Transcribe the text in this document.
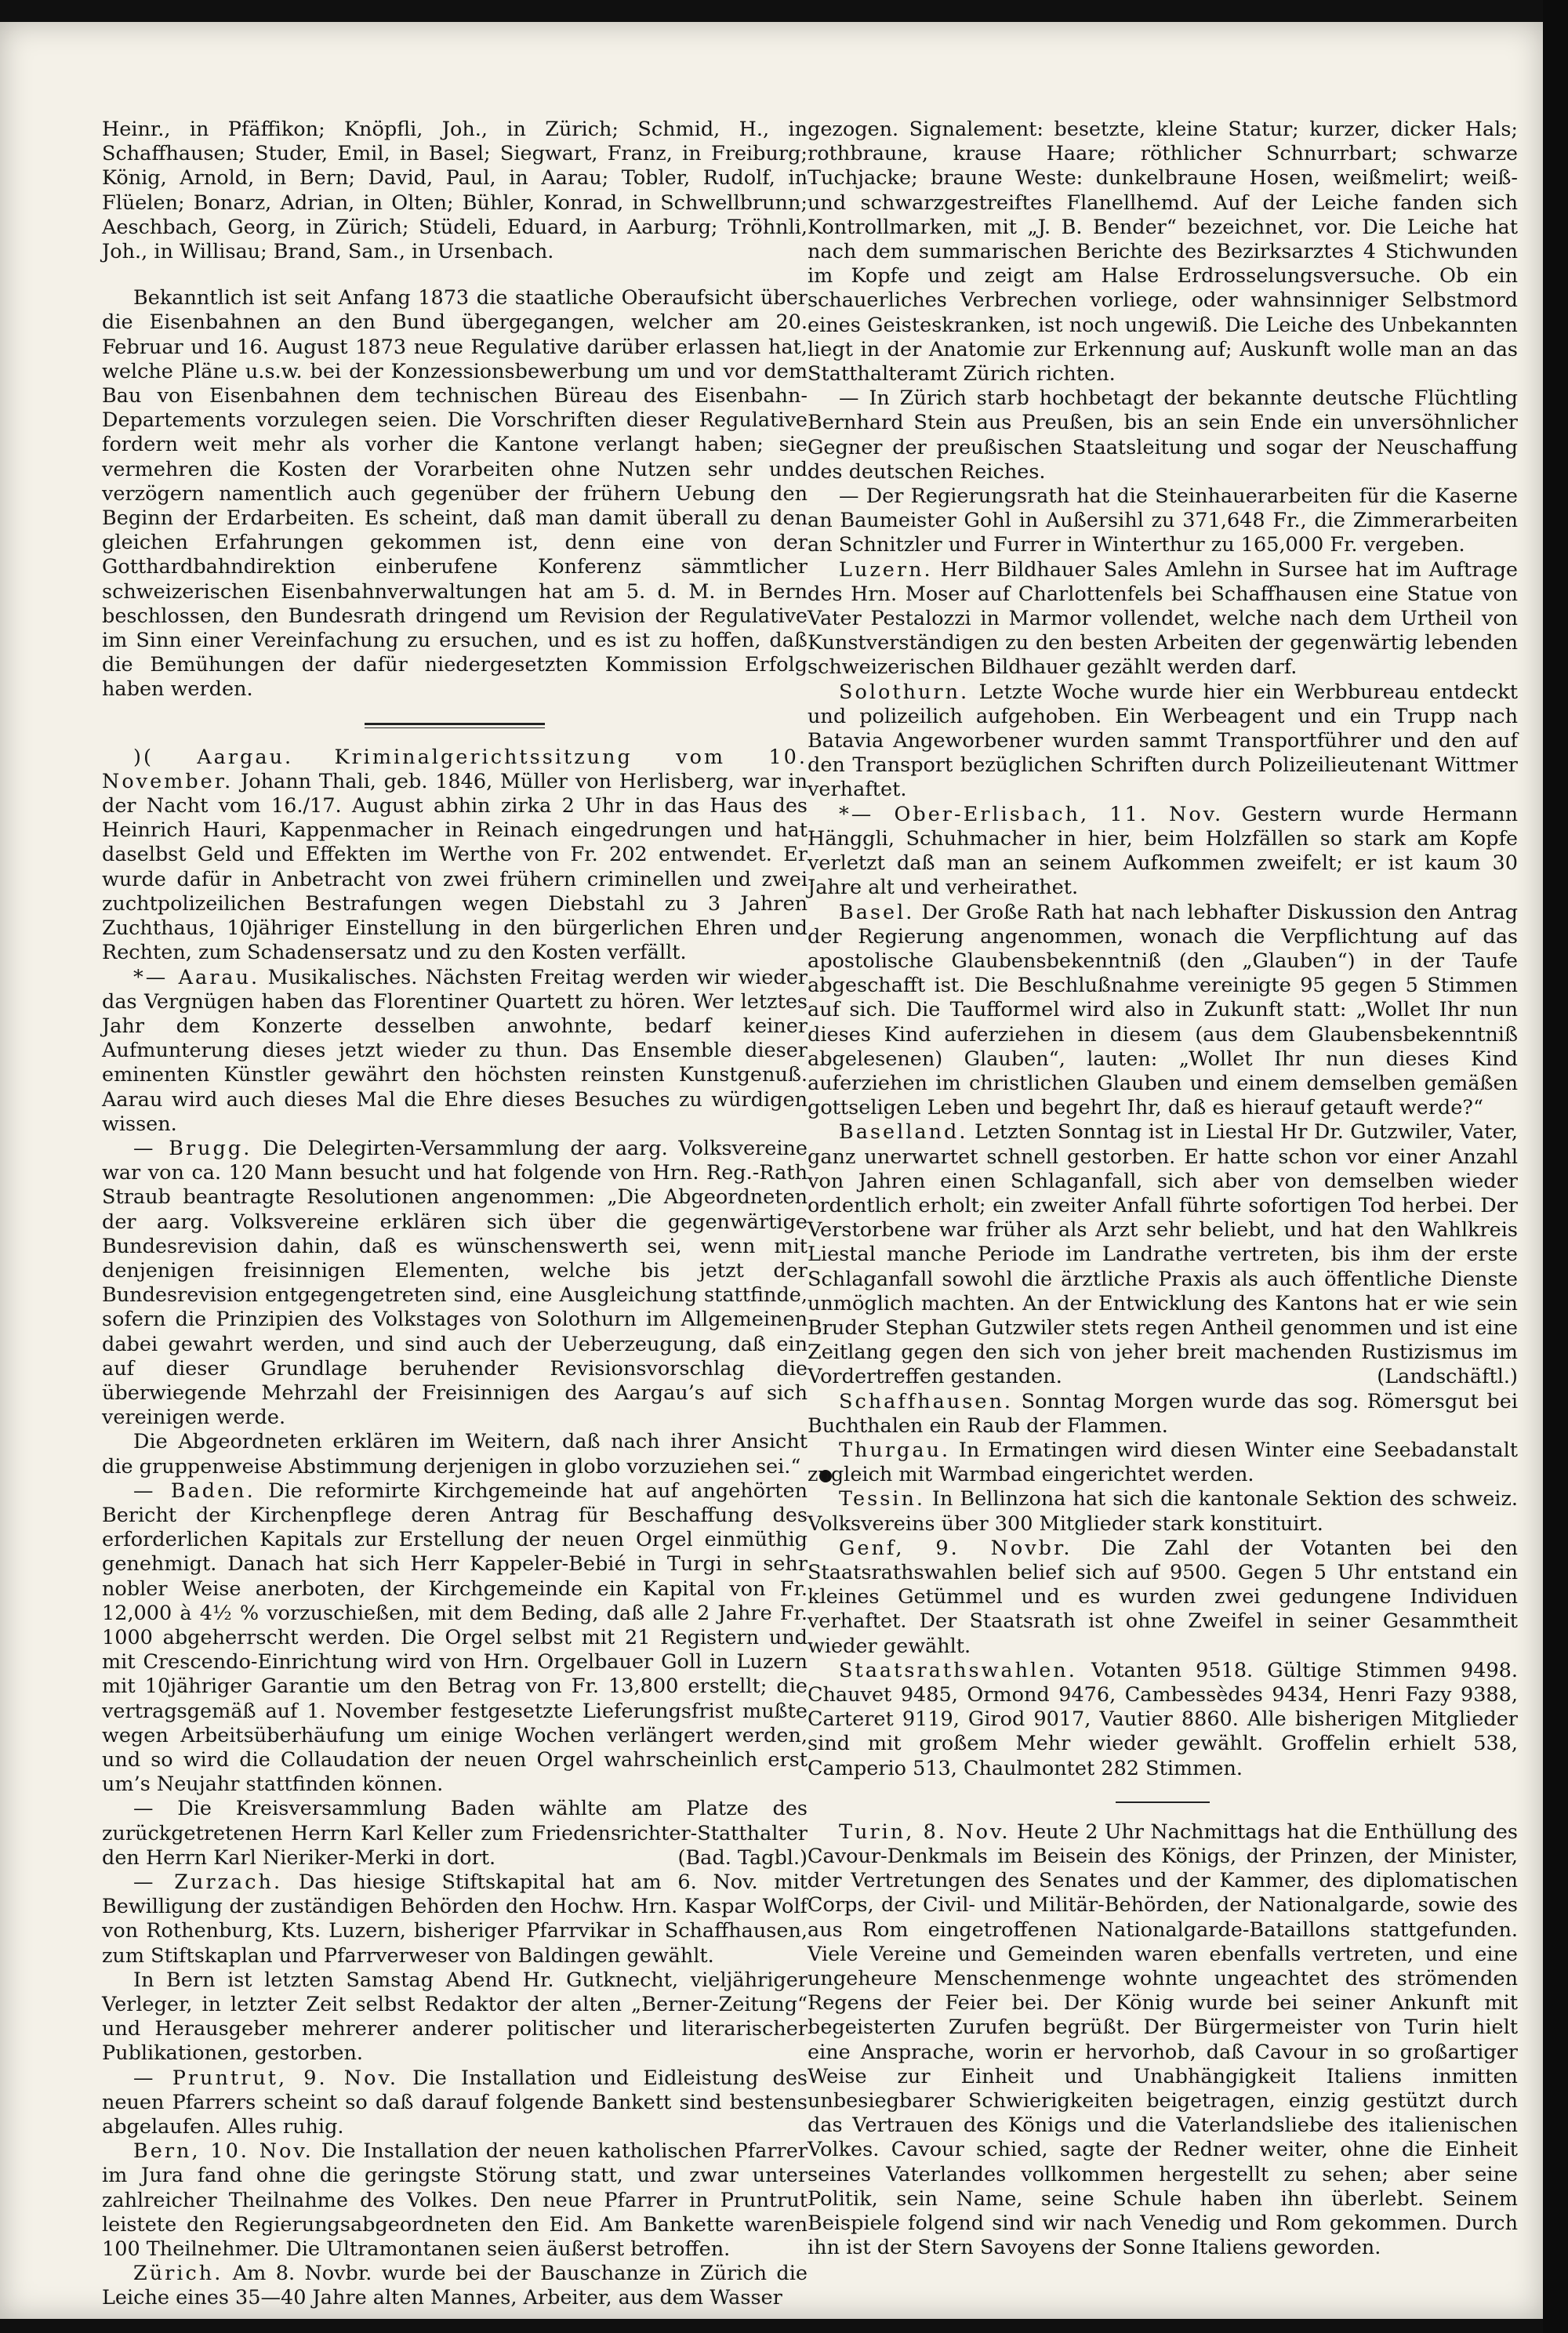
Heinr., in Pfäffikon; Knöpfli, Joh., in Zürich; Schmid, H., in Schaffhausen; Studer, Emil, in Basel; Siegwart, Franz, in Freiburg; König, Arnold, in Bern; David, Paul, in Aarau; Tobler, Rudolf, in Flüelen; Bonarz, Adrian, in Olten; Bühler, Konrad, in Schwellbrunn; Aeschbach, Georg, in Zürich; Stüdeli, Eduard, in Aarburg; Tröhnli, Joh., in Willisau; Brand, Sam., in Ursenbach.

Bekanntlich ist seit Anfang 1873 die staatliche Oberaufsicht über die Eisenbahnen an den Bund übergegangen, welcher am 20. Februar und 16. August 1873 neue Regulative darüber erlassen hat, welche Pläne u.s.w. bei der Konzessionsbewerbung um und vor dem Bau von Eisenbahnen dem technischen Büreau des Eisenbahn-Departements vorzulegen seien. Die Vorschriften dieser Regulative fordern weit mehr als vorher die Kantone verlangt haben; sie vermehren die Kosten der Vorarbeiten ohne Nutzen sehr und verzögern namentlich auch gegenüber der frühern Uebung den Beginn der Erdarbeiten. Es scheint, daß man damit überall zu den gleichen Erfahrungen gekommen ist, denn eine von der Gotthardbahndirektion einberufene Konferenz sämmtlicher schweizerischen Eisenbahnverwaltungen hat am 5. d. M. in Bern beschlossen, den Bundesrath dringend um Revision der Regulative im Sinn einer Vereinfachung zu ersuchen, und es ist zu hoffen, daß die Bemühungen der dafür niedergesetzten Kommission Erfolg haben werden.

)( Aargau. Kriminalgerichtssitzung vom 10. November. Johann Thali, geb. 1846, Müller von Herlisberg, war in der Nacht vom 16./17. August abhin zirka 2 Uhr in das Haus des Heinrich Hauri, Kappenmacher in Reinach eingedrungen und hat daselbst Geld und Effekten im Werthe von Fr. 202 entwendet. Er wurde dafür in Anbetracht von zwei frühern criminellen und zwei zuchtpolizeilichen Bestrafungen wegen Diebstahl zu 3 Jahren Zuchthaus, 10jähriger Einstellung in den bürgerlichen Ehren und Rechten, zum Schadensersatz und zu den Kosten verfällt.

*— Aarau. Musikalisches. Nächsten Freitag werden wir wieder das Vergnügen haben das Florentiner Quartett zu hören. Wer letztes Jahr dem Konzerte desselben anwohnte, bedarf keiner Aufmunterung dieses jetzt wieder zu thun. Das Ensemble dieser eminenten Künstler gewährt den höchsten reinsten Kunstgenuß. Aarau wird auch dieses Mal die Ehre dieses Besuches zu würdigen wissen.

— Brugg. Die Delegirten-Versammlung der aarg. Volksvereine war von ca. 120 Mann besucht und hat folgende von Hrn. Reg.-Rath Straub beantragte Resolutionen angenommen: „Die Abgeordneten der aarg. Volksvereine erklären sich über die gegenwärtige Bundesrevision dahin, daß es wünschenswerth sei, wenn mit denjenigen freisinnigen Elementen, welche bis jetzt der Bundesrevision entgegengetreten sind, eine Ausgleichung stattfinde, sofern die Prinzipien des Volkstages von Solothurn im Allgemeinen dabei gewahrt werden, und sind auch der Ueberzeugung, daß ein auf dieser Grundlage beruhender Revisionsvorschlag die überwiegende Mehrzahl der Freisinnigen des Aargau’s auf sich vereinigen werde.

Die Abgeordneten erklären im Weitern, daß nach ihrer Ansicht die gruppenweise Abstimmung derjenigen in globo vorzuziehen sei.“

— Baden. Die reformirte Kirchgemeinde hat auf angehörten Bericht der Kirchenpflege deren Antrag für Beschaffung des erforderlichen Kapitals zur Erstellung der neuen Orgel einmüthig genehmigt. Danach hat sich Herr Kappeler-Bebié in Turgi in sehr nobler Weise anerboten, der Kirchgemeinde ein Kapital von Fr. 12,000 à 4½ % vorzuschießen, mit dem Beding, daß alle 2 Jahre Fr. 1000 abgeherrscht werden. Die Orgel selbst mit 21 Registern und mit Crescendo-Einrichtung wird von Hrn. Orgelbauer Goll in Luzern mit 10jähriger Garantie um den Betrag von Fr. 13,800 erstellt; die vertragsgemäß auf 1. November festgesetzte Lieferungsfrist mußte wegen Arbeitsüberhäufung um einige Wochen verlängert werden, und so wird die Collaudation der neuen Orgel wahrscheinlich erst um’s Neujahr stattfinden können.

— Die Kreisversammlung Baden wählte am Platze des zurückgetretenen Herrn Karl Keller zum Friedensrichter-Statthalter den Herrn Karl Nieriker-Merki in dort.	(Bad. Tagbl.)

— Zurzach. Das hiesige Stiftskapital hat am 6. Nov. mit Bewilligung der zuständigen Behörden den Hochw. Hrn. Kaspar Wolf von Rothenburg, Kts. Luzern, bisheriger Pfarrvikar in Schaffhausen, zum Stiftskaplan und Pfarrverweser von Baldingen gewählt.

In Bern ist letzten Samstag Abend Hr. Gutknecht, vieljähriger Verleger, in letzter Zeit selbst Redaktor der alten „Berner-Zeitung“ und Herausgeber mehrerer anderer politischer und literarischer Publikationen, gestorben.

— Pruntrut, 9. Nov. Die Installation und Eidleistung des neuen Pfarrers scheint so daß darauf folgende Bankett sind bestens abgelaufen. Alles ruhig.

Bern, 10. Nov. Die Installation der neuen katholischen Pfarrer im Jura fand ohne die geringste Störung statt, und zwar unter zahlreicher Theilnahme des Volkes. Den neue Pfarrer in Pruntrut leistete den Regierungsabgeordneten den Eid. Am Bankette waren 100 Theilnehmer. Die Ultramontanen seien äußerst betroffen.

Zürich. Am 8. Novbr. wurde bei der Bauschanze in Zürich die Leiche eines 35—40 Jahre alten Mannes, Arbeiter, aus dem Wasser

gezogen. Signalement: besetzte, kleine Statur; kurzer, dicker Hals; rothbraune, krause Haare; röthlicher Schnurrbart; schwarze Tuchjacke; braune Weste: dunkelbraune Hosen, weißmelirt; weiß- und schwarzgestreiftes Flanellhemd. Auf der Leiche fanden sich Kontrollmarken, mit „J. B. Bender“ bezeichnet, vor. Die Leiche hat nach dem summarischen Berichte des Bezirksarztes 4 Stichwunden im Kopfe und zeigt am Halse Erdrosselungsversuche. Ob ein schauerliches Verbrechen vorliege, oder wahnsinniger Selbstmord eines Geisteskranken, ist noch ungewiß. Die Leiche des Unbekannten liegt in der Anatomie zur Erkennung auf; Auskunft wolle man an das Statthalteramt Zürich richten.

— In Zürich starb hochbetagt der bekannte deutsche Flüchtling Bernhard Stein aus Preußen, bis an sein Ende ein unversöhnlicher Gegner der preußischen Staatsleitung und sogar der Neuschaffung des deutschen Reiches.

— Der Regierungsrath hat die Steinhauerarbeiten für die Kaserne an Baumeister Gohl in Außersihl zu 371,648 Fr., die Zimmerarbeiten an Schnitzler und Furrer in Winterthur zu 165,000 Fr. vergeben.

Luzern. Herr Bildhauer Sales Amlehn in Sursee hat im Auftrage des Hrn. Moser auf Charlottenfels bei Schaffhausen eine Statue von Vater Pestalozzi in Marmor vollendet, welche nach dem Urtheil von Kunstverständigen zu den besten Arbeiten der gegenwärtig lebenden schweizerischen Bildhauer gezählt werden darf.

Solothurn. Letzte Woche wurde hier ein Werbbureau entdeckt und polizeilich aufgehoben. Ein Werbeagent und ein Trupp nach Batavia Angeworbener wurden sammt Transportführer und den auf den Transport bezüglichen Schriften durch Polizeilieutenant Wittmer verhaftet.

*— Ober-Erlisbach, 11. Nov. Gestern wurde Hermann Hänggli, Schuhmacher in hier, beim Holzfällen so stark am Kopfe verletzt daß man an seinem Aufkommen zweifelt; er ist kaum 30 Jahre alt und verheirathet.

Basel. Der Große Rath hat nach lebhafter Diskussion den Antrag der Regierung angenommen, wonach die Verpflichtung auf das apostolische Glaubensbekenntniß (den „Glauben“) in der Taufe abgeschafft ist. Die Beschlußnahme vereinigte 95 gegen 5 Stimmen auf sich. Die Taufformel wird also in Zukunft statt: „Wollet Ihr nun dieses Kind auferziehen in diesem (aus dem Glaubensbekenntniß abgelesenen) Glauben“, lauten: „Wollet Ihr nun dieses Kind auferziehen im christlichen Glauben und einem demselben gemäßen gottseligen Leben und begehrt Ihr, daß es hierauf getauft werde?“

Baselland. Letzten Sonntag ist in Liestal Hr Dr. Gutzwiler, Vater, ganz unerwartet schnell gestorben. Er hatte schon vor einer Anzahl von Jahren einen Schlaganfall, sich aber von demselben wieder ordentlich erholt; ein zweiter Anfall führte sofortigen Tod herbei. Der Verstorbene war früher als Arzt sehr beliebt, und hat den Wahlkreis Liestal manche Periode im Landrathe vertreten, bis ihm der erste Schlaganfall sowohl die ärztliche Praxis als auch öffentliche Dienste unmöglich machten. An der Entwicklung des Kantons hat er wie sein Bruder Stephan Gutzwiler stets regen Antheil genommen und ist eine Zeitlang gegen den sich von jeher breit machenden Rustizismus im Vordertreffen gestanden.	(Landschäftl.)

Schaffhausen. Sonntag Morgen wurde das sog. Römersgut bei Buchthalen ein Raub der Flammen.

Thurgau. In Ermatingen wird diesen Winter eine Seebadanstalt zugleich mit Warmbad eingerichtet werden.

Tessin. In Bellinzona hat sich die kantonale Sektion des schweiz. Volksvereins über 300 Mitglieder stark konstituirt.

Genf, 9. Novbr. Die Zahl der Votanten bei den Staatsrathswahlen belief sich auf 9500. Gegen 5 Uhr entstand ein kleines Getümmel und es wurden zwei gedungene Individuen verhaftet. Der Staatsrath ist ohne Zweifel in seiner Gesammtheit wieder gewählt.

Staatsrathswahlen. Votanten 9518. Gültige Stimmen 9498. Chauvet 9485, Ormond 9476, Cambessèdes 9434, Henri Fazy 9388, Carteret 9119, Girod 9017, Vautier 8860. Alle bisherigen Mitglieder sind mit großem Mehr wieder gewählt. Groffelin erhielt 538, Camperio 513, Chaulmontet 282 Stimmen.

Turin, 8. Nov. Heute 2 Uhr Nachmittags hat die Enthüllung des Cavour-Denkmals im Beisein des Königs, der Prinzen, der Minister, der Vertretungen des Senates und der Kammer, des diplomatischen Corps, der Civil- und Militär-Behörden, der Nationalgarde, sowie des aus Rom eingetroffenen Nationalgarde-Bataillons stattgefunden. Viele Vereine und Gemeinden waren ebenfalls vertreten, und eine ungeheure Menschenmenge wohnte ungeachtet des strömenden Regens der Feier bei. Der König wurde bei seiner Ankunft mit begeisterten Zurufen begrüßt. Der Bürgermeister von Turin hielt eine Ansprache, worin er hervorhob, daß Cavour in so großartiger Weise zur Einheit und Unabhängigkeit Italiens inmitten unbesiegbarer Schwierigkeiten beigetragen, einzig gestützt durch das Vertrauen des Königs und die Vaterlandsliebe des italienischen Volkes. Cavour schied, sagte der Redner weiter, ohne die Einheit seines Vaterlandes vollkommen hergestellt zu sehen; aber seine Politik, sein Name, seine Schule haben ihn überlebt. Seinem Beispiele folgend sind wir nach Venedig und Rom gekommen. Durch ihn ist der Stern Savoyens der Sonne Italiens geworden.
